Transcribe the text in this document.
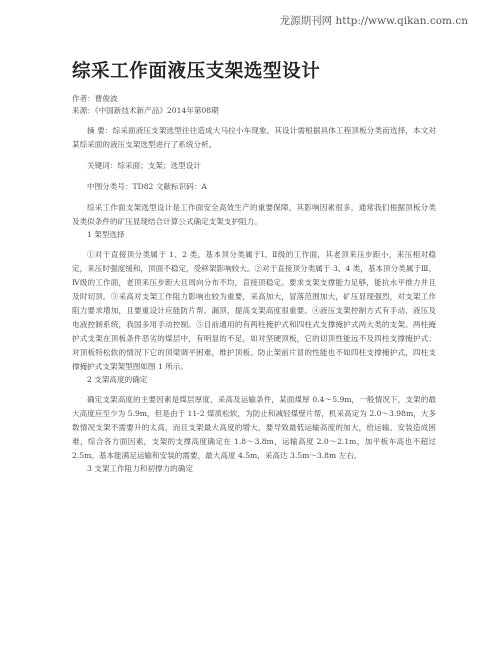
龙源期刊网 http://www.qikan.com.cn
综采工作面液压支架选型设计
作者：曹俊波
来源：《中国新技术新产品》2014年第08期

摘 要：综采面液压支架选型往往造成大马拉小车现象，其设计需根据具体工程顶板分类而选择，本文对某综采面的液压支架选型进行了系统分析。

关键词：综采面；支架；选型设计

中图分类号：TD82 文献标识码：A

综采工作面支架选型设计是工作面安全高效生产的重要保障，其影响因素很多，通常我们根据顶板分类及类似条件的矿压显现结合计算公式确定支架支护阻力。

1 架型选择

①对于直接顶分类属于 1、2 类，基本顶分类属于Ⅰ、Ⅱ级的工作面，其老顶来压步距小，来压相对稳定，来压时强度缓和，顶面不稳定，受移架影响较大。②对于直接顶分类属于 3、4 类，基本顶分类属于Ⅲ、Ⅳ级的工作面，老顶来压步距大且周向分布不均，直接顶稳定。要求支架支撑能力足够，能抗水平推力并且及时切顶。③采高对支架工作阻力影响也较为重要，采高加大，冒落范围加大，矿压显现强烈，对支架工作阻力要求增加，且要重设计应能防片帮、漏顶，提高支架高度很重要。④液压支架控制方式有手动、液压及电液控制系统，我国多用手动控制。⑤目前通用的有两柱掩护式和四柱式支撑掩护式两大类的支架。两柱掩护式支架在顶板条件恶劣的煤层中，有明显的不足，如对坚硬顶板，它的切顶性能远不及四柱支撑掩护式；对顶板特松软的情况下它的顶梁调平困难，维护顶板、防止架前片冒的性能也不如四柱支撑掩护式，四柱支撑掩护式支架架型图如图 1 所示。

2 支架高度的确定

确定支架高度的主要因素是煤层厚度、采高及运输条件，某面煤厚 0.4～5.9m，一般情况下，支架的最大高度应至少为 5.9m，但是由于 11-2 煤质松软，为防止和减轻煤壁片帮，机采高定为 2.0～3.98m，大多数情况支架不需要升的太高，而且支架最大高度的增大，要导致最低运输高度的加大，给运输、安装造成困难，综合各方面因素，支架的支撑高度确定在 1.8～3.8m，运输高度 2.0～2.1m，加平板车高也不超过 2.5m。基本能满足运输和安装的需要，最大高度 4.5m，采高达 3.5m～3.8m 左右。

3 支架工作阻力和初撑力的确定
